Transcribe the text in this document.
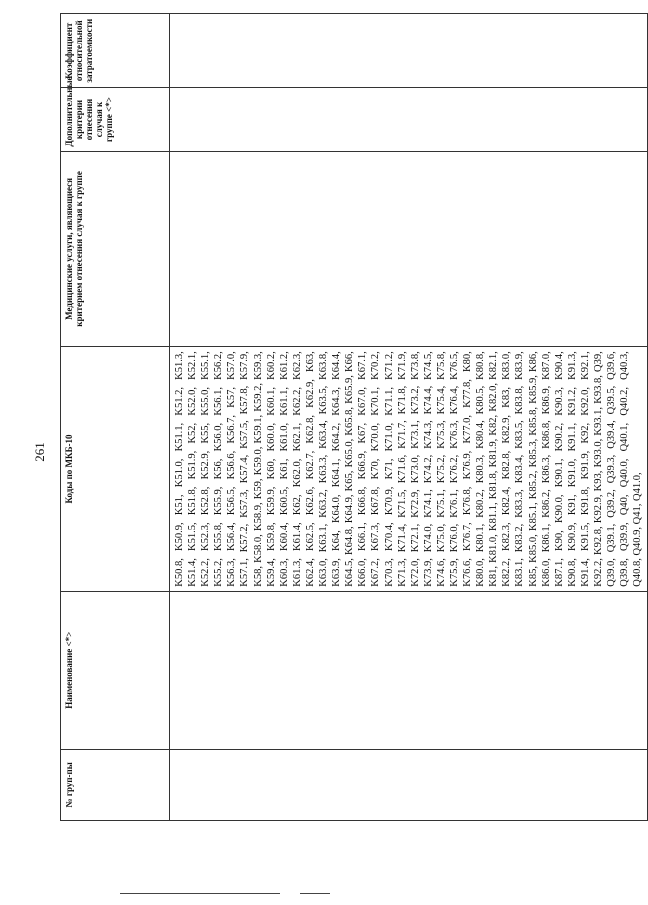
261
№ груп-пы	Наименование <*>	Коды по МКБ-10	Медицинские услуги, являющиеся критерием отнесения случая к группе	Дополнительные критерии отнесения случая к группе <*>	Коэффициент относительной затратоемкости
		K50.8, K50.9, K51, K51.0, K51.1, K51.2, K51.3, K51.4, K51.5, K51.8, K51.9, K52, K52.0, K52.1, K52.2, K52.3, K52.8, K52.9, K55, K55.0, K55.1, K55.2, K55.8, K55.9, K56, K56.0, K56.1, K56.2, K56.3, K56.4, K56.5, K56.6, K56.7, K57, K57.0, K57.1, K57.2, K57.3, K57.4, K57.5, K57.8, K57.9, K58, K58.0, K58.9, K59, K59.0, K59.1, K59.2, K59.3, K59.4, K59.8, K59.9, K60, K60.0, K60.1, K60.2, K60.3, K60.4, K60.5, K61, K61.0, K61.1, K61.2, K61.3, K61.4, K62, K62.0, K62.1, K62.2, K62.3, K62.4, K62.5, K62.6, K62.7, K62.8, K62.9, K63, K63.0, K63.1, K63.2, K63.3, K63.4, K63.5, K63.8, K63.9, K64, K64.0, K64.1, K64.2, K64.3, K64.4, K64.5, K64.8, K64.9, K65, K65.0, K65.8, K65.9, K66, K66.0, K66.1, K66.8, K66.9, K67, K67.0, K67.1, K67.2, K67.3, K67.8, K70, K70.0, K70.1, K70.2, K70.3, K70.4, K70.9, K71, K71.0, K71.1, K71.2, K71.3, K71.4, K71.5, K71.6, K71.7, K71.8, K71.9, K72.0, K72.1, K72.9, K73.0, K73.1, K73.2, K73.8, K73.9, K74.0, K74.1, K74.2, K74.3, K74.4, K74.5, K74.6, K75.0, K75.1, K75.2, K75.3, K75.4, K75.8, K75.9, K76.0, K76.1, K76.2, K76.3, K76.4, K76.5, K76.6, K76.7, K76.8, K76.9, K77.0, K77.8, K80, K80.0, K80.1, K80.2, K80.3, K80.4, K80.5, K80.8, K81, K81.0, K81.1, K81.8, K81.9, K82, K82.0, K82.1, K82.2, K82.3, K82.4, K82.8, K82.9, K83, K83.0, K83.1, K83.2, K83.3, K83.4, K83.5, K83.8, K83.9, K85, K85.0, K85.1, K85.2, K85.3, K85.8, K85.9, K86, K86.0, K86.1, K86.2, K86.3, K86.8, K86.9, K87.0, K87.1, K90, K90.0, K90.1, K90.2, K90.3, K90.4, K90.8, K90.9, K91, K91.0, K91.1, K91.2, K91.3, K91.4, K91.5, K91.8, K91.9, K92, K92.0, K92.1, K92.2, K92.8, K92.9, K93, K93.0, K93.1, K93.8, Q39, Q39.0, Q39.1, Q39.2, Q39.3, Q39.4, Q39.5, Q39.6, Q39.8, Q39.9, Q40, Q40.0, Q40.1, Q40.2, Q40.3, Q40.8, Q40.9, Q41, Q41.0,			
